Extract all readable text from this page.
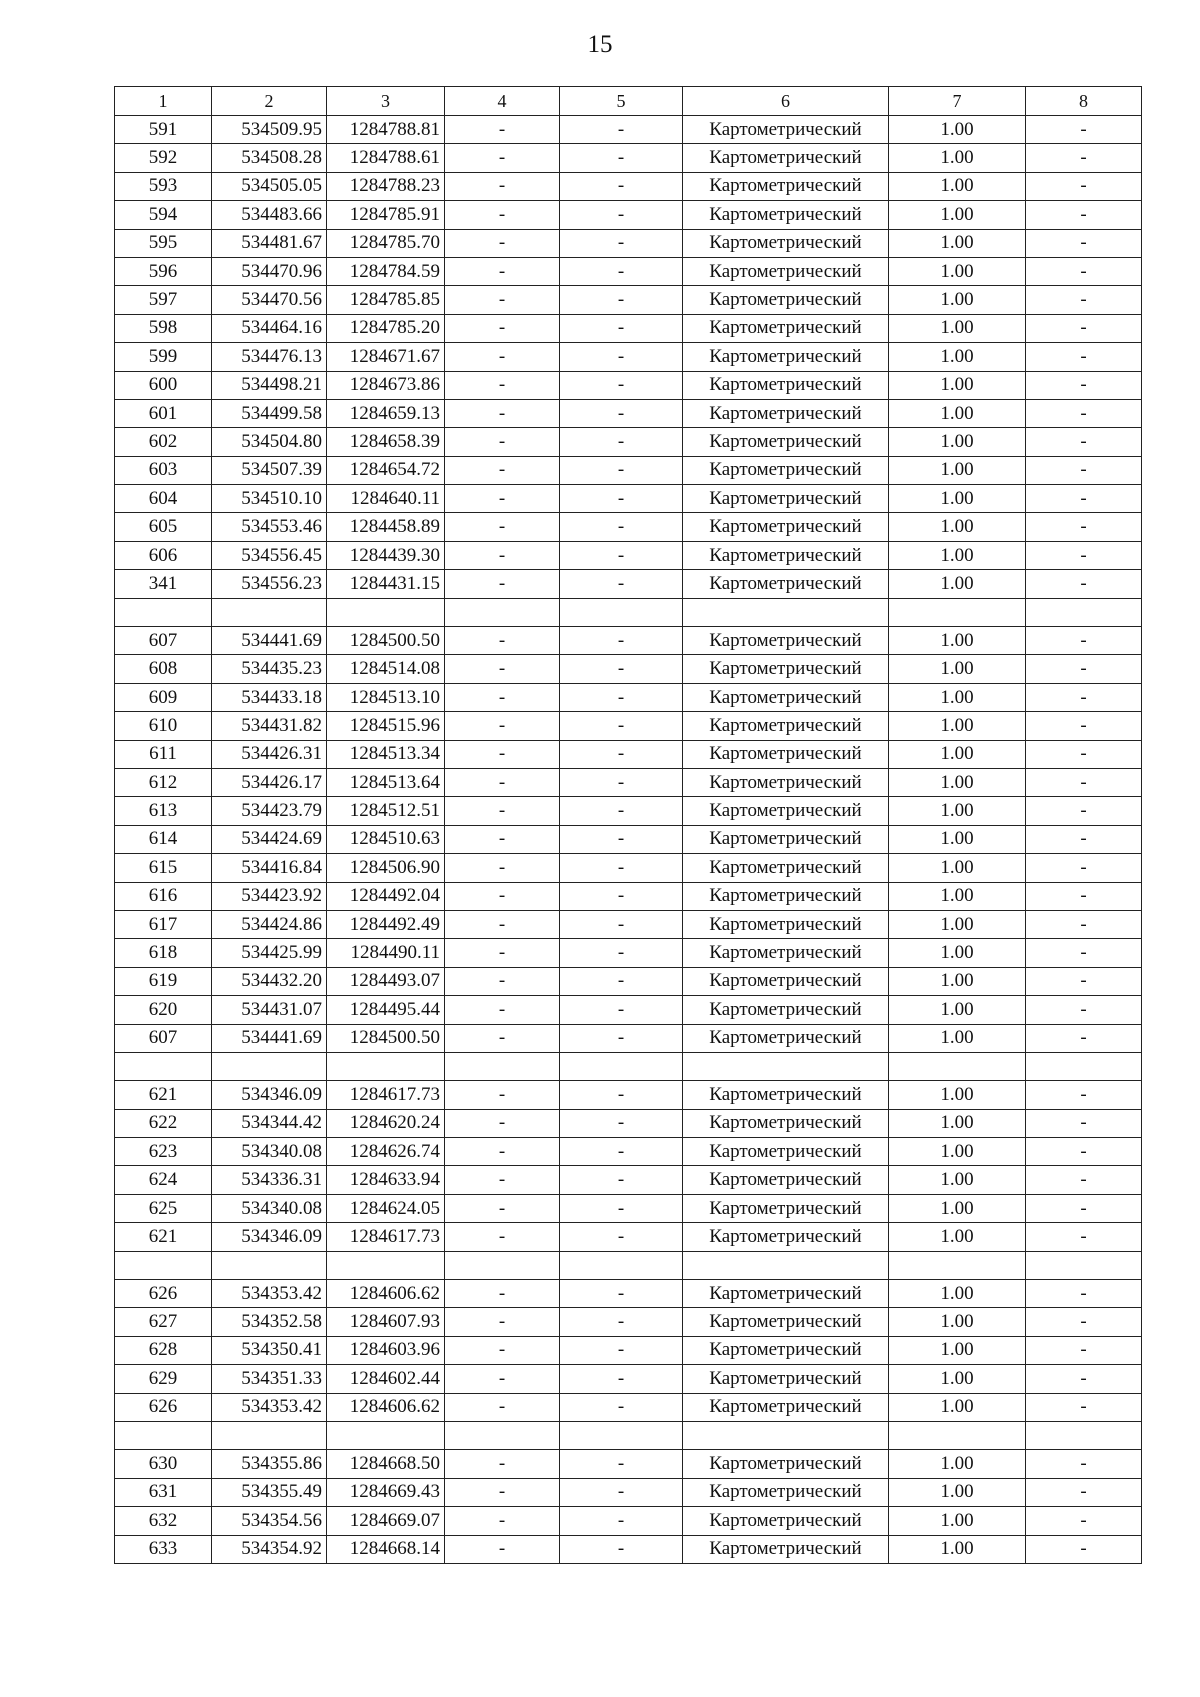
15
1	2	3	4	5	6	7	8
591	534509.95	1284788.81	-	-	Картометрический	1.00	-
592	534508.28	1284788.61	-	-	Картометрический	1.00	-
593	534505.05	1284788.23	-	-	Картометрический	1.00	-
594	534483.66	1284785.91	-	-	Картометрический	1.00	-
595	534481.67	1284785.70	-	-	Картометрический	1.00	-
596	534470.96	1284784.59	-	-	Картометрический	1.00	-
597	534470.56	1284785.85	-	-	Картометрический	1.00	-
598	534464.16	1284785.20	-	-	Картометрический	1.00	-
599	534476.13	1284671.67	-	-	Картометрический	1.00	-
600	534498.21	1284673.86	-	-	Картометрический	1.00	-
601	534499.58	1284659.13	-	-	Картометрический	1.00	-
602	534504.80	1284658.39	-	-	Картометрический	1.00	-
603	534507.39	1284654.72	-	-	Картометрический	1.00	-
604	534510.10	1284640.11	-	-	Картометрический	1.00	-
605	534553.46	1284458.89	-	-	Картометрический	1.00	-
606	534556.45	1284439.30	-	-	Картометрический	1.00	-
341	534556.23	1284431.15	-	-	Картометрический	1.00	-

607	534441.69	1284500.50	-	-	Картометрический	1.00	-
608	534435.23	1284514.08	-	-	Картометрический	1.00	-
609	534433.18	1284513.10	-	-	Картометрический	1.00	-
610	534431.82	1284515.96	-	-	Картометрический	1.00	-
611	534426.31	1284513.34	-	-	Картометрический	1.00	-
612	534426.17	1284513.64	-	-	Картометрический	1.00	-
613	534423.79	1284512.51	-	-	Картометрический	1.00	-
614	534424.69	1284510.63	-	-	Картометрический	1.00	-
615	534416.84	1284506.90	-	-	Картометрический	1.00	-
616	534423.92	1284492.04	-	-	Картометрический	1.00	-
617	534424.86	1284492.49	-	-	Картометрический	1.00	-
618	534425.99	1284490.11	-	-	Картометрический	1.00	-
619	534432.20	1284493.07	-	-	Картометрический	1.00	-
620	534431.07	1284495.44	-	-	Картометрический	1.00	-
607	534441.69	1284500.50	-	-	Картометрический	1.00	-

621	534346.09	1284617.73	-	-	Картометрический	1.00	-
622	534344.42	1284620.24	-	-	Картометрический	1.00	-
623	534340.08	1284626.74	-	-	Картометрический	1.00	-
624	534336.31	1284633.94	-	-	Картометрический	1.00	-
625	534340.08	1284624.05	-	-	Картометрический	1.00	-
621	534346.09	1284617.73	-	-	Картометрический	1.00	-

626	534353.42	1284606.62	-	-	Картометрический	1.00	-
627	534352.58	1284607.93	-	-	Картометрический	1.00	-
628	534350.41	1284603.96	-	-	Картометрический	1.00	-
629	534351.33	1284602.44	-	-	Картометрический	1.00	-
626	534353.42	1284606.62	-	-	Картометрический	1.00	-

630	534355.86	1284668.50	-	-	Картометрический	1.00	-
631	534355.49	1284669.43	-	-	Картометрический	1.00	-
632	534354.56	1284669.07	-	-	Картометрический	1.00	-
633	534354.92	1284668.14	-	-	Картометрический	1.00	-
